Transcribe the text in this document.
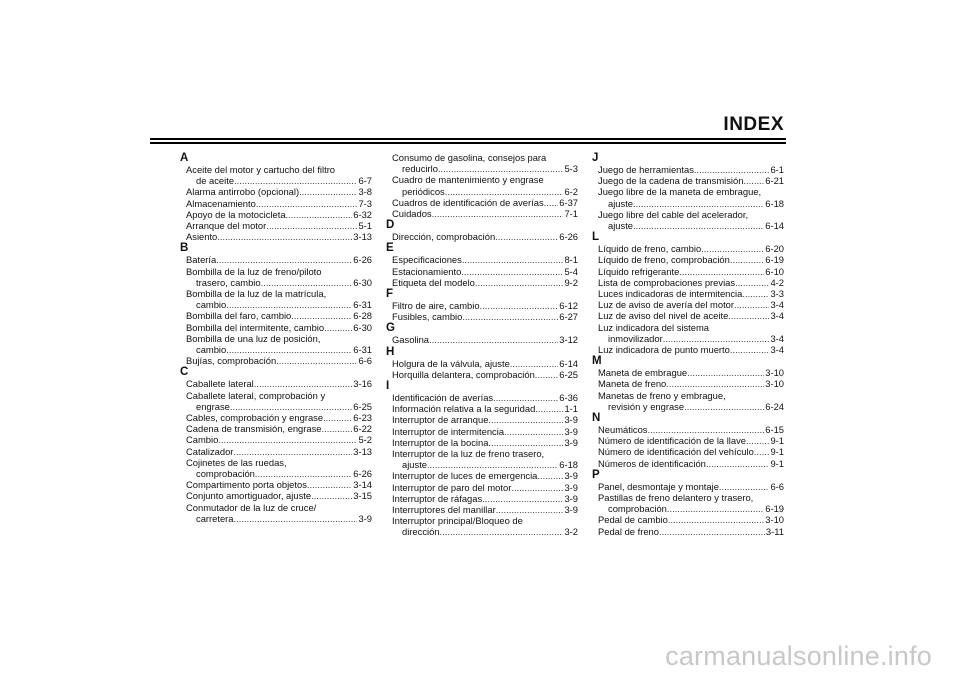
INDEX
A
Aceite del motor y cartucho del filtro
de aceite .....	6-7
Alarma antirrobo (opcional) .....	3-8
Almacenamiento .....	7-3
Apoyo de la motocicleta .....	6-32
Arranque del motor .....	5-1
Asiento .....	3-13
B
Batería .....	6-26
Bombilla de la luz de freno/piloto
trasero, cambio .....	6-30
Bombilla de la luz de la matrícula,
cambio .....	6-31
Bombilla del faro, cambio .....	6-28
Bombilla del intermitente, cambio .....	6-30
Bombilla de una luz de posición,
cambio .....	6-31
Bujías, comprobación .....	6-6
C
Caballete lateral .....	3-16
Caballete lateral, comprobación y
engrase .....	6-25
Cables, comprobación y engrase .....	6-23
Cadena de transmisión, engrase .....	6-22
Cambio .....	5-2
Catalizador .....	3-13
Cojinetes de las ruedas,
comprobación .....	6-26
Compartimento porta objetos .....	3-14
Conjunto amortiguador, ajuste .....	3-15
Conmutador de la luz de cruce/
carretera .....	3-9
Consumo de gasolina, consejos para
reducirlo .....	5-3
Cuadro de mantenimiento y engrase
periódicos .....	6-2
Cuadros de identificación de averías ..... 6-37
Cuidados .....	7-1
D
Dirección, comprobación .....	6-26
E
Especificaciones .....	8-1
Estacionamiento .....	5-4
Etiqueta del modelo .....	9-2
F
Filtro de aire, cambio .....	6-12
Fusibles, cambio .....	6-27
G
Gasolina .....	3-12
H
Holgura de la válvula, ajuste .....	6-14
Horquilla delantera, comprobación .....	6-25
I
Identificación de averías .....	6-36
Información relativa a la seguridad .....	1-1
Interruptor de arranque .....	3-9
Interruptor de intermitencia .....	3-9
Interruptor de la bocina .....	3-9
Interruptor de la luz de freno trasero,
ajuste .....	6-18
Interruptor de luces de emergencia .....	3-9
Interruptor de paro del motor .....	3-9
Interruptor de ráfagas .....	3-9
Interruptores del manillar .....	3-9
Interruptor principal/Bloqueo de
dirección .....	3-2
J
Juego de herramientas .....	6-1
Juego de la cadena de transmisión ..... 6-21
Juego libre de la maneta de embrague,
ajuste .....	6-18
Juego libre del cable del acelerador,
ajuste .....	6-14
L
Líquido de freno, cambio .....	6-20
Líquido de freno, comprobación .....	6-19
Líquido refrigerante .....	6-10
Lista de comprobaciones previas .....	4-2
Luces indicadoras de intermitencia .....	3-3
Luz de aviso de avería del motor .....	3-4
Luz de aviso del nivel de aceite .....	3-4
Luz indicadora del sistema
inmovilizador .....	3-4
Luz indicadora de punto muerto .....	3-4
M
Maneta de embrague .....	3-10
Maneta de freno .....	3-10
Manetas de freno y embrague,
revisión y engrase .....	6-24
N
Neumáticos .....	6-15
Número de identificación de la llave .....	9-1
Número de identificación del vehículo ..... 9-1
Números de identificación .....	9-1
P
Panel, desmontaje y montaje .....	6-6
Pastillas de freno delantero y trasero,
comprobación .....	6-19
Pedal de cambio .....	3-10
Pedal de freno .....	3-11
carmanualsonline.info
